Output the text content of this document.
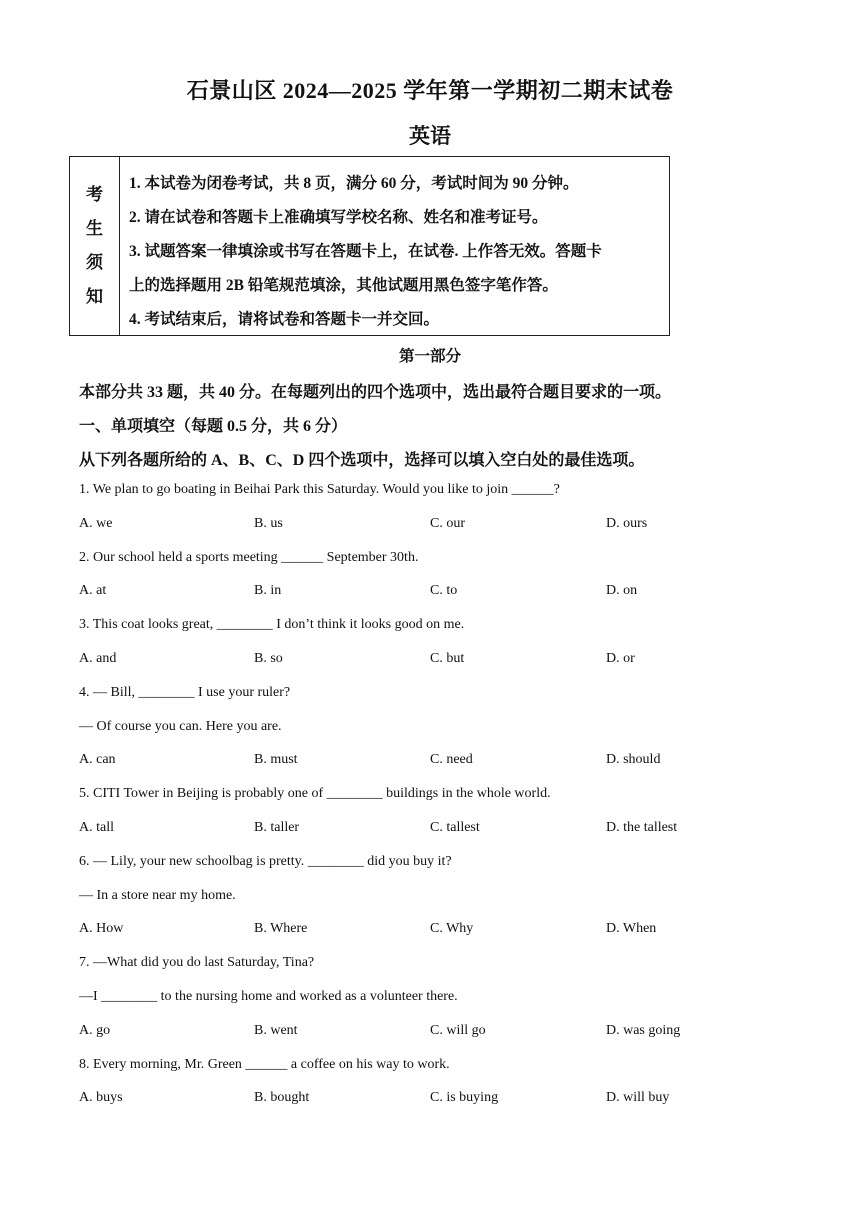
石景山区 2024—2025 学年第一学期初二期末试卷
英语
考
生
须
知
1. 本试卷为闭卷考试，共 8 页，满分 60 分，考试时间为 90 分钟。
2. 请在试卷和答题卡上准确填写学校名称、姓名和准考证号。
3. 试题答案一律填涂或书写在答题卡上，在试卷. 上作答无效。答题卡
上的选择题用 2B 铅笔规范填涂，其他试题用黑色签字笔作答。
4. 考试结束后，请将试卷和答题卡一并交回。
第一部分
本部分共 33 题，共 40 分。在每题列出的四个选项中，选出最符合题目要求的一项。
一、单项填空（每题 0.5 分，共 6 分）
从下列各题所给的 A、B、C、D 四个选项中，选择可以填入空白处的最佳选项。
1. We plan to go boating in Beihai Park this Saturday. Would you like to join ______?
A. we	B. us	C. our	D. ours
2. Our school held a sports meeting ______ September 30th.
A. at	B. in	C. to	D. on
3. This coat looks great, ________ I don’t think it looks good on me.
A. and	B. so	C. but	D. or
4. — Bill, ________ I use your ruler?
— Of course you can. Here you are.
A. can	B. must	C. need	D. should
5. CITI Tower in Beijing is probably one of ________ buildings in the whole world.
A. tall	B. taller	C. tallest	D. the tallest
6. — Lily, your new schoolbag is pretty. ________ did you buy it?
— In a store near my home.
A. How	B. Where	C. Why	D. When
7. —What did you do last Saturday, Tina?
—I ________ to the nursing home and worked as a volunteer there.
A. go	B. went	C. will go	D. was going
8. Every morning, Mr. Green ______ a coffee on his way to work.
A. buys	B. bought	C. is buying	D. will buy
